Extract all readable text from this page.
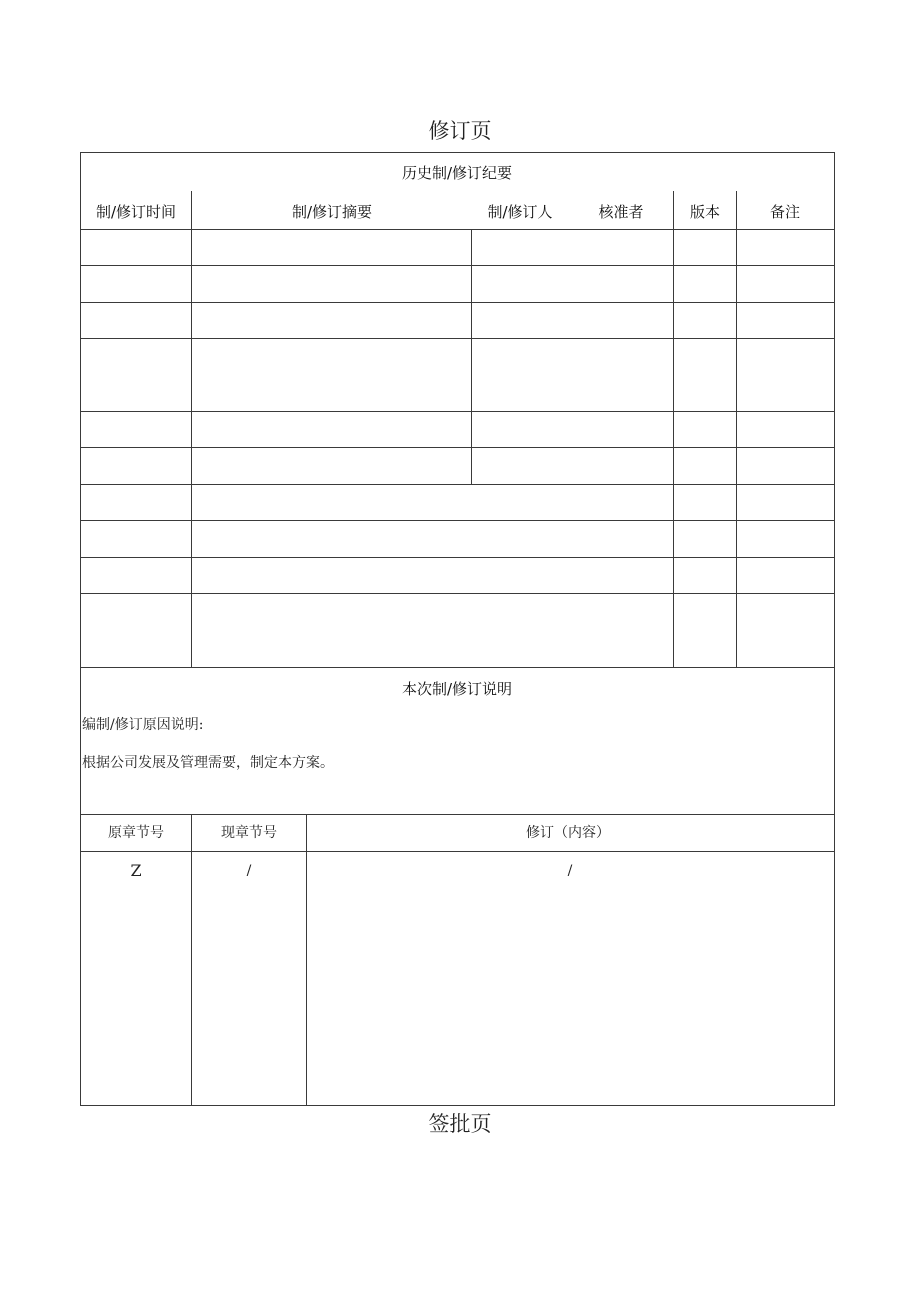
修订页
历史制/修订纪要
制/修订时间	制/修订摘要	制/修订人	核准者	版本	备注
本次制/修订说明
编制/修订原因说明:
根据公司发展及管理需要，制定本方案。
原章节号	现章节号	修订（内容）
Z	/	/
签批页
